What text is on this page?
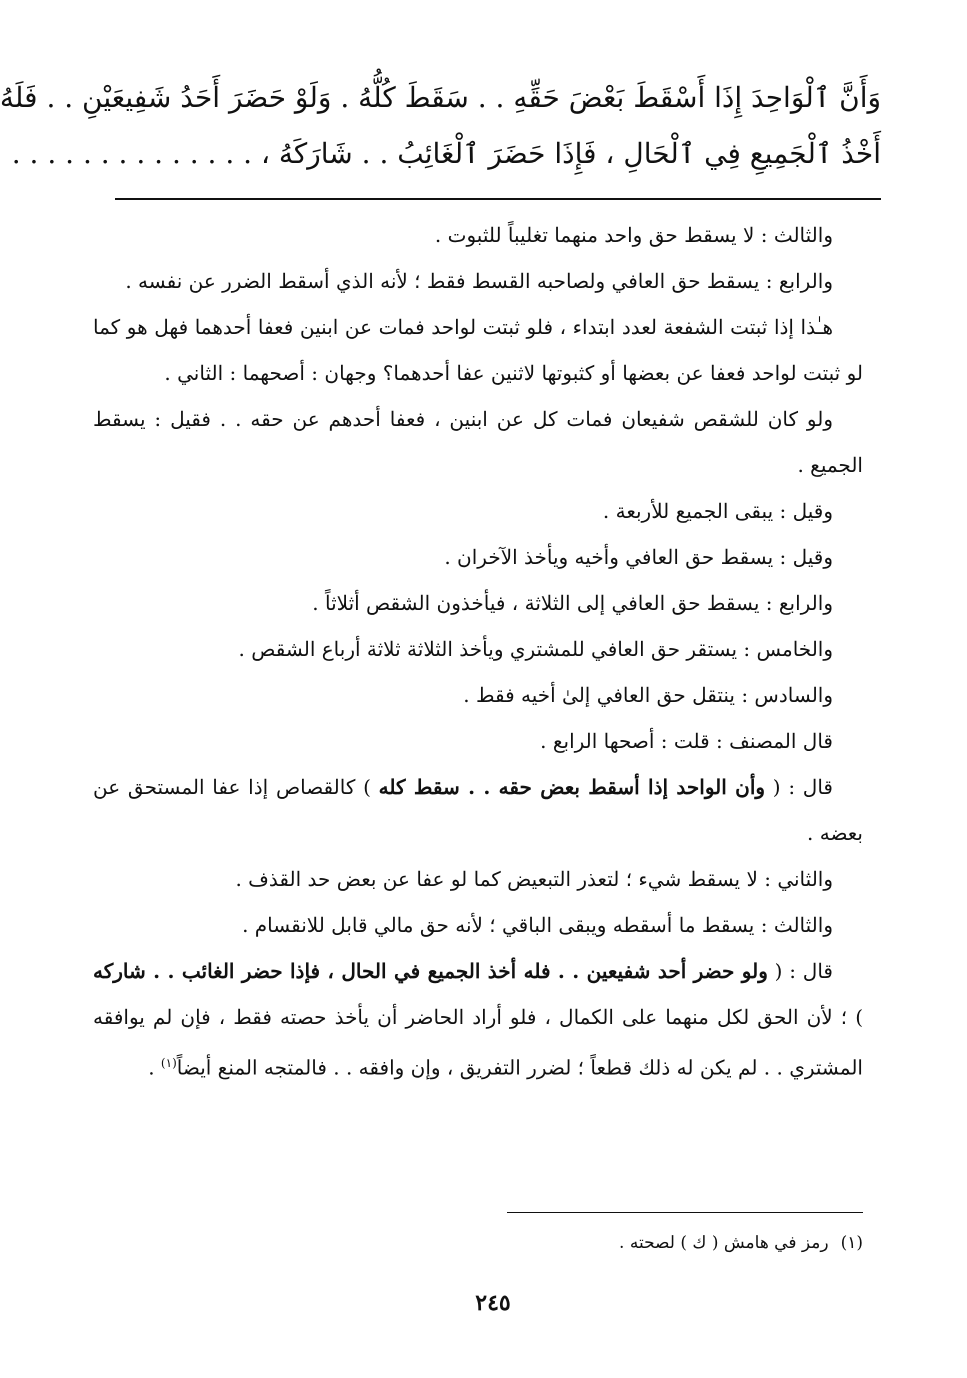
وَأَنَّ ٱلْوَاحِدَ إِذَا أَسْقَطَ بَعْضَ حَقِّهِ . . سَقَطَ كُلُّهُ . وَلَوْ حَضَرَ أَحَدُ شَفِيعَيْنِ . . فَلَهُ
أَخْذُ ٱلْجَمِيعِ فِي ٱلْحَالِ ، فَإِذَا حَضَرَ ٱلْغَائِبُ . . شَارَكَهُ ، . . . . . . . . . . . . . .

والثالث : لا يسقط حق واحد منهما تغليباً للثبوت .

والرابع : يسقط حق العافي ولصاحبه القسط فقط ؛ لأنه الذي أسقط الضرر عن نفسه .

هـٰذا إذا ثبتت الشفعة لعدد ابتداء ، فلو ثبتت لواحد فمات عن ابنين فعفا أحدهما فهل هو كما لو ثبتت لواحد فعفا عن بعضها أو كثبوتها لاثنين عفا أحدهما؟ وجهان : أصحهما : الثاني .

ولو كان للشقص شفيعان فمات كل عن ابنين ، فعفا أحدهم عن حقه . . فقيل : يسقط الجميع .

وقيل : يبقى الجميع للأربعة .

وقيل : يسقط حق العافي وأخيه ويأخذ الآخران .

والرابع : يسقط حق العافي إلى الثلاثة ، فيأخذون الشقص أثلاثاً .

والخامس : يستقر حق العافي للمشتري ويأخذ الثلاثة ثلاثة أرباع الشقص .

والسادس : ينتقل حق العافي إلىٰ أخيه فقط .

قال المصنف : قلت : أصحها الرابع .

قال : ( وأن الواحد إذا أسقط بعض حقه . . سقط كله ) كالقصاص إذا عفا المستحق عن بعضه .

والثاني : لا يسقط شيء ؛ لتعذر التبعيض كما لو عفا عن بعض حد القذف .

والثالث : يسقط ما أسقطه ويبقى الباقي ؛ لأنه حق مالي قابل للانقسام .

قال : ( ولو حضر أحد شفيعين . . فله أخذ الجميع في الحال ، فإذا حضر الغائب . . شاركه ) ؛ لأن الحق لكل منهما على الكمال ، فلو أراد الحاضر أن يأخذ حصته فقط ، فإن لم يوافقه المشتري . . لم يكن له ذلك قطعاً ؛ لضرر التفريق ، وإن وافقه . . فالمتجه المنع أيضاً$^{(١)}$ .

(١)رمز في هامش ( ك ) لصحته .
٢٤٥
